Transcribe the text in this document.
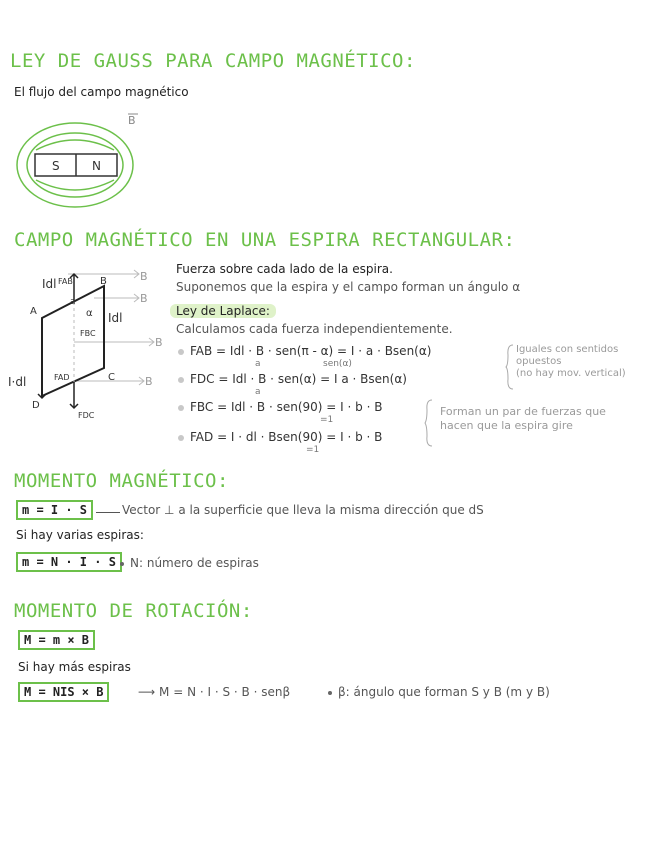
LEY DE GAUSS PARA CAMPO MAGNÉTICO:
El flujo del campo magnético
S	N
B
CAMPO MAGNÉTICO EN UNA ESPIRA RECTANGULAR:
B
B
B
B
Idl
Idl
I·dl
B
A
C
D
FAB
FBC
FAD
FDC
α
a
Fuerza sobre cada lado de la espira.
Suponemos que la espira y el campo forman un ángulo α
Ley de Laplace:
Calculamos cada fuerza independientemente.
FAB = Idl · B · sen(π - α) = I · a · Bsen(α)
FDC = Idl · B · sen(α) = I a · Bsen(α)
FBC = Idl · B · sen(90) = I · b · B
FAD = I · dl · Bsen(90) = I · b · B
a	sen(α)
a
=1
=1
Iguales con sentidos
opuestos
(no hay mov. vertical)
Forman un par de fuerzas que
hacen que la espira gire
MOMENTO MAGNÉTICO:
m = I · S	Vector ⊥ a la superficie que lleva la misma dirección que dS
Si hay varias espiras:
m = N · I · S	N: número de espiras
MOMENTO DE ROTACIÓN:
M = m × B
Si hay más espiras
M = NIS × B	⟶ M = N · I · S · B · senβ	β: ángulo que forman S y B (m y B)
